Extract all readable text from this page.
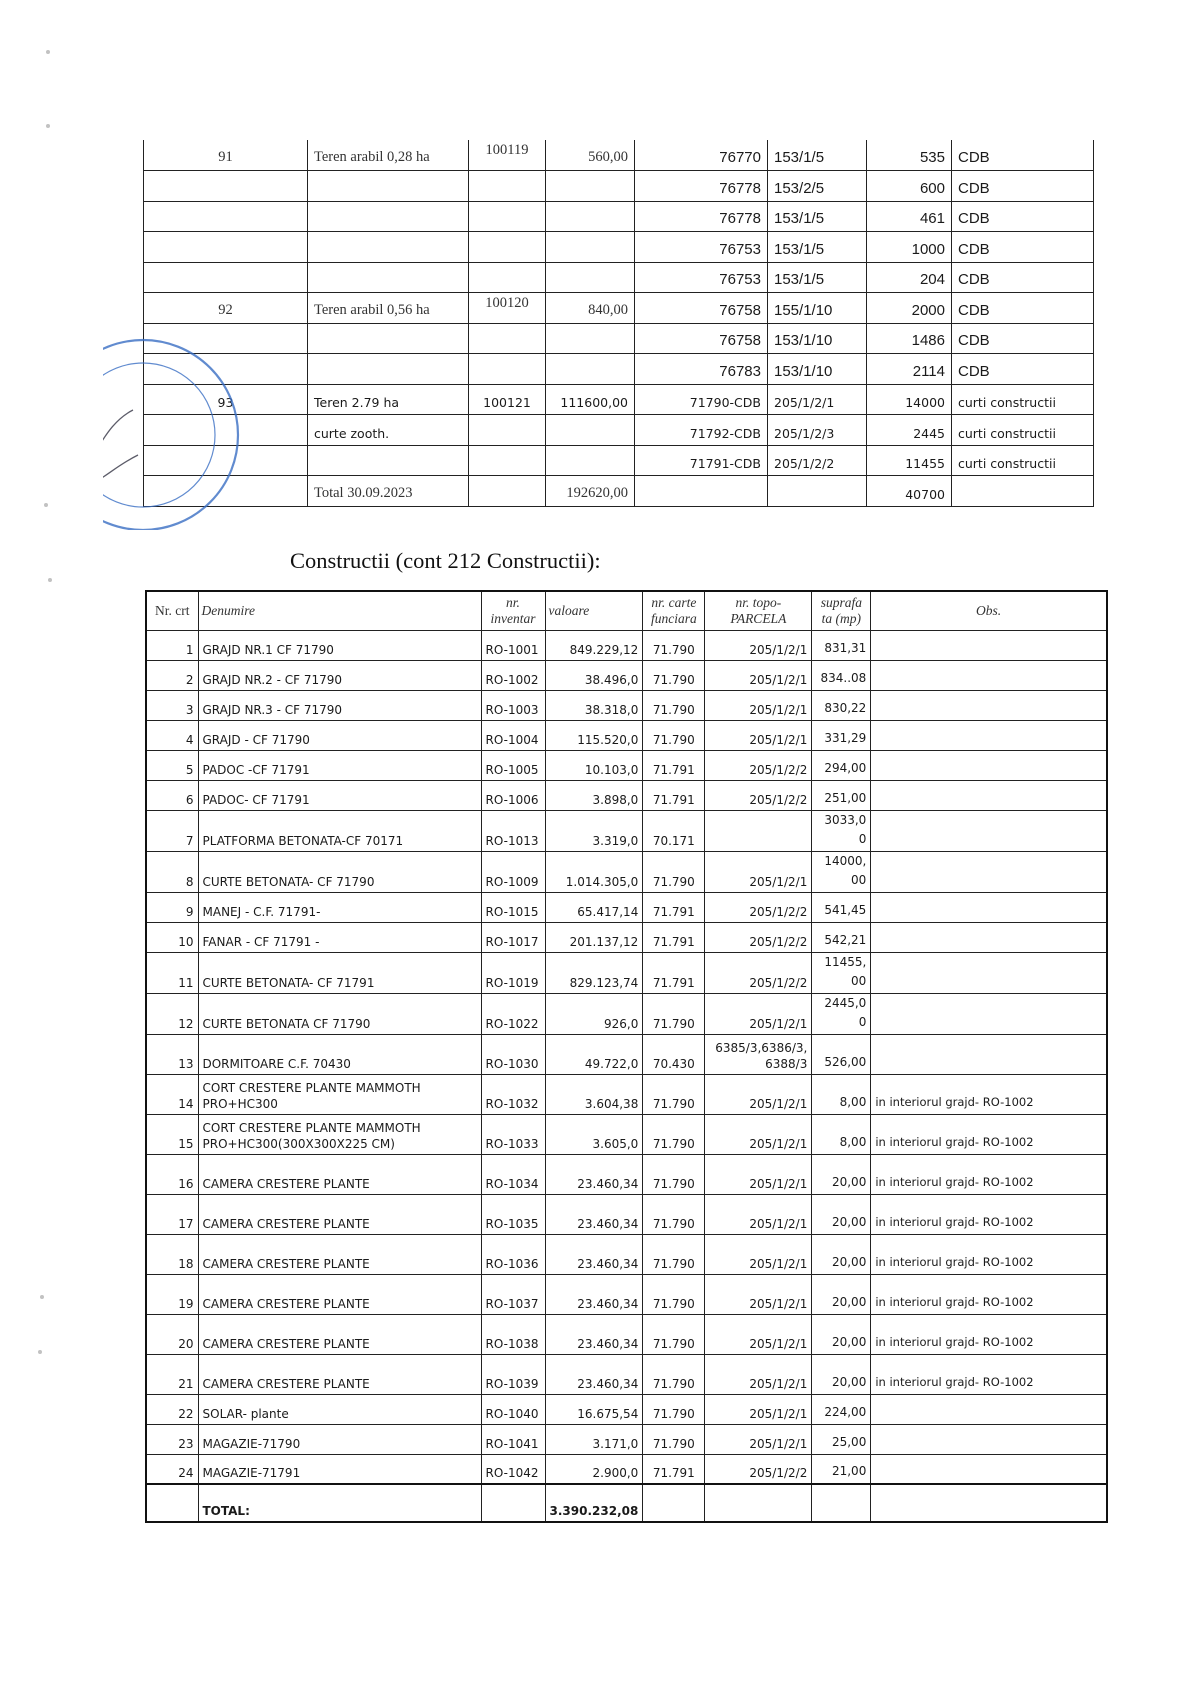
91	Teren arabil 0,28 ha	100119	560,00	76770	153/1/5	535	CDB
				76778	153/2/5	600	CDB
				76778	153/1/5	461	CDB
				76753	153/1/5	1000	CDB
				76753	153/1/5	204	CDB
92	Teren arabil 0,56 ha	100120	840,00	76758	155/1/10	2000	CDB
				76758	153/1/10	1486	CDB
				76783	153/1/10	2114	CDB
93	Teren 2.79 ha	100121	111600,00	71790-CDB	205/1/2/1	14000	curti constructii
	curte zooth.			71792-CDB	205/1/2/3	2445	curti constructii
				71791-CDB	205/1/2/2	11455	curti constructii
	Total 30.09.2023		192620,00			40700	
Constructii (cont 212 Constructii):
Nr. crt	Denumire	nr. inventar	valoare	nr. carte funciara	nr. topo- PARCELA	suprafa ta (mp)	Obs.
1	GRAJD NR.1 CF 71790	RO-1001	849.229,12	71.790	205/1/2/1	831,31	
2	GRAJD NR.2 - CF 71790	RO-1002	38.496,0	71.790	205/1/2/1	834..08	
3	GRAJD NR.3 - CF 71790	RO-1003	38.318,0	71.790	205/1/2/1	830,22	
4	GRAJD - CF 71790	RO-1004	115.520,0	71.790	205/1/2/1	331,29	
5	PADOC -CF 71791	RO-1005	10.103,0	71.791	205/1/2/2	294,00	
6	PADOC- CF 71791	RO-1006	3.898,0	71.791	205/1/2/2	251,00	
7	PLATFORMA BETONATA-CF 70171	RO-1013	3.319,0	70.171		3033,0 0	
8	CURTE BETONATA- CF 71790	RO-1009	1.014.305,0	71.790	205/1/2/1	14000, 00	
9	MANEJ - C.F. 71791-	RO-1015	65.417,14	71.791	205/1/2/2	541,45	
10	FANAR - CF 71791 -	RO-1017	201.137,12	71.791	205/1/2/2	542,21	
11	CURTE BETONATA- CF 71791	RO-1019	829.123,74	71.791	205/1/2/2	11455, 00	
12	CURTE BETONATA CF 71790	RO-1022	926,0	71.790	205/1/2/1	2445,0 0	
13	DORMITOARE C.F. 70430	RO-1030	49.722,0	70.430	6385/3,6386/3, 6388/3	526,00	
14	CORT CRESTERE PLANTE MAMMOTH PRO+HC300	RO-1032	3.604,38	71.790	205/1/2/1	8,00	in interiorul grajd- RO-1002
15	CORT CRESTERE PLANTE MAMMOTH PRO+HC300(300X300X225 CM)	RO-1033	3.605,0	71.790	205/1/2/1	8,00	in interiorul grajd- RO-1002
16	CAMERA CRESTERE PLANTE	RO-1034	23.460,34	71.790	205/1/2/1	20,00	in interiorul grajd- RO-1002
17	CAMERA CRESTERE PLANTE	RO-1035	23.460,34	71.790	205/1/2/1	20,00	in interiorul grajd- RO-1002
18	CAMERA CRESTERE PLANTE	RO-1036	23.460,34	71.790	205/1/2/1	20,00	in interiorul grajd- RO-1002
19	CAMERA CRESTERE PLANTE	RO-1037	23.460,34	71.790	205/1/2/1	20,00	in interiorul grajd- RO-1002
20	CAMERA CRESTERE PLANTE	RO-1038	23.460,34	71.790	205/1/2/1	20,00	in interiorul grajd- RO-1002
21	CAMERA CRESTERE PLANTE	RO-1039	23.460,34	71.790	205/1/2/1	20,00	in interiorul grajd- RO-1002
22	SOLAR- plante	RO-1040	16.675,54	71.790	205/1/2/1	224,00	
23	MAGAZIE-71790	RO-1041	3.171,0	71.790	205/1/2/1	25,00	
24	MAGAZIE-71791	RO-1042	2.900,0	71.791	205/1/2/2	21,00	
	TOTAL:		3.390.232,08				
